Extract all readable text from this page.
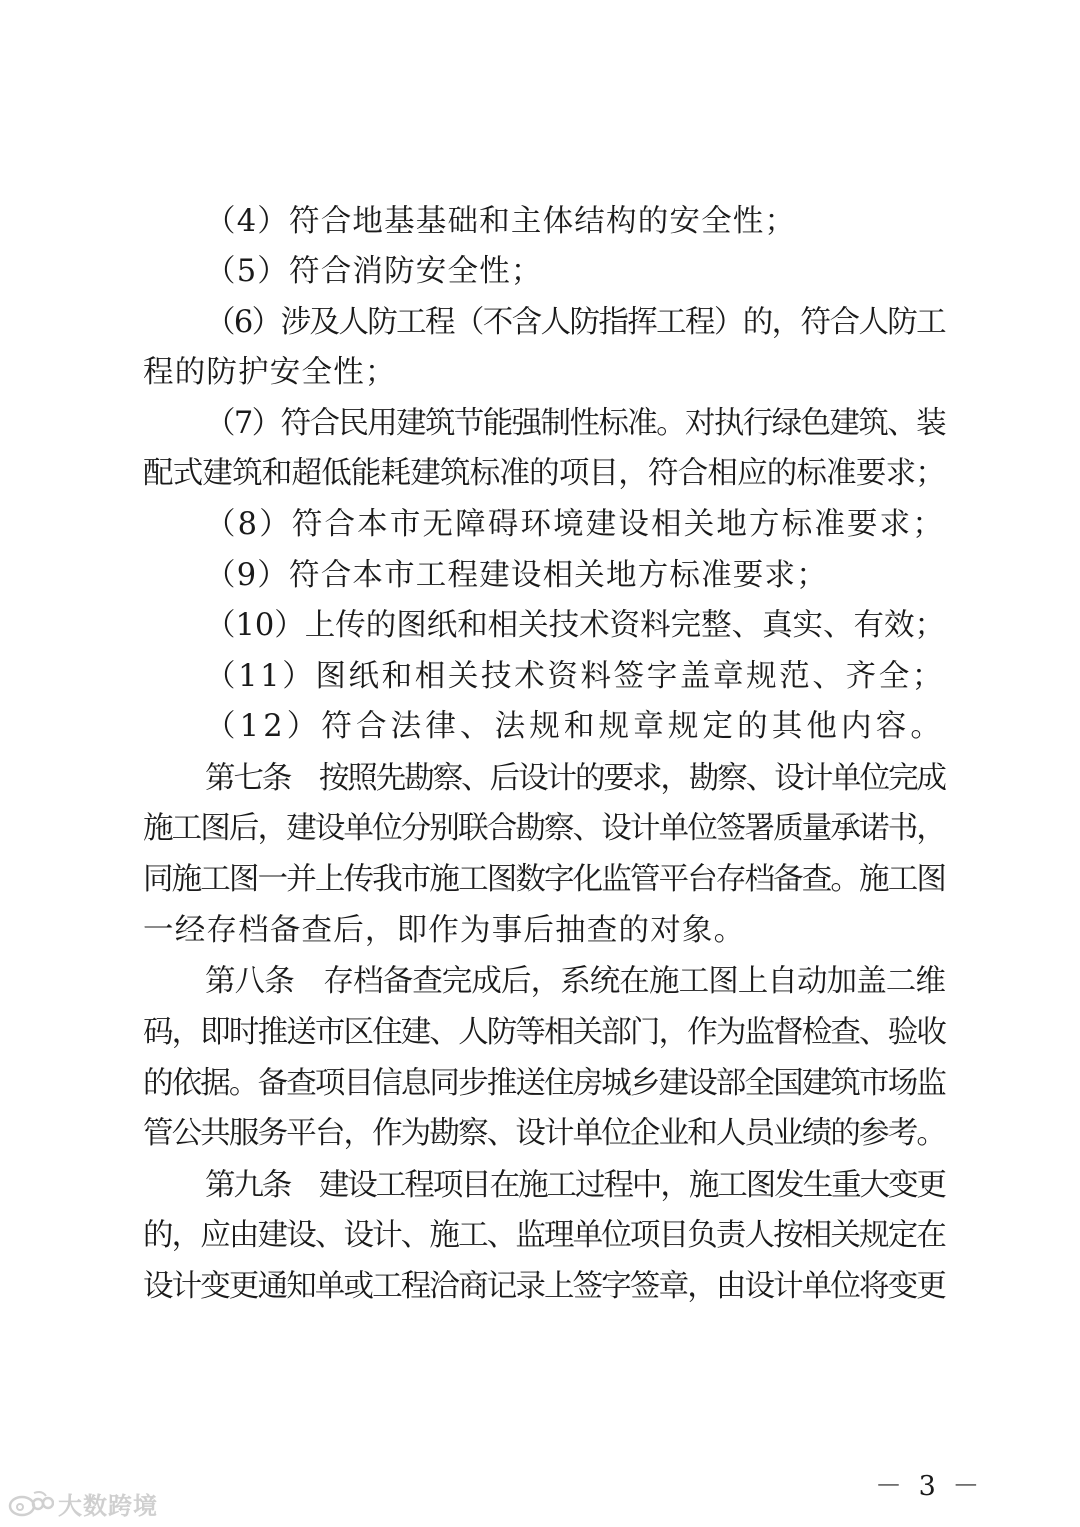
（4）符合地基基础和主体结构的安全性；
（5）符合消防安全性；
（6）涉及人防工程（不含人防指挥工程）的，符合人防工
程的防护安全性；
（7）符合民用建筑节能强制性标准。对执行绿色建筑、装
配式建筑和超低能耗建筑标准的项目，符合相应的标准要求；
（8）符合本市无障碍环境建设相关地方标准要求；
（9）符合本市工程建设相关地方标准要求；
（10）上传的图纸和相关技术资料完整、真实、有效；
（11）图纸和相关技术资料签字盖章规范、齐全；
（12）符合法律、法规和规章规定的其他内容。
第七条　按照先勘察、后设计的要求，勘察、设计单位完成
施工图后，建设单位分别联合勘察、设计单位签署质量承诺书，
同施工图一并上传我市施工图数字化监管平台存档备查。施工图
一经存档备查后，即作为事后抽查的对象。
第八条　存档备查完成后，系统在施工图上自动加盖二维
码，即时推送市区住建、人防等相关部门，作为监督检查、验收
的依据。备查项目信息同步推送住房城乡建设部全国建筑市场监
管公共服务平台，作为勘察、设计单位企业和人员业绩的参考。
第九条　建设工程项目在施工过程中，施工图发生重大变更
的，应由建设、设计、施工、监理单位项目负责人按相关规定在
设计变更通知单或工程洽商记录上签字签章，由设计单位将变更
－ 3 －
大数跨境
